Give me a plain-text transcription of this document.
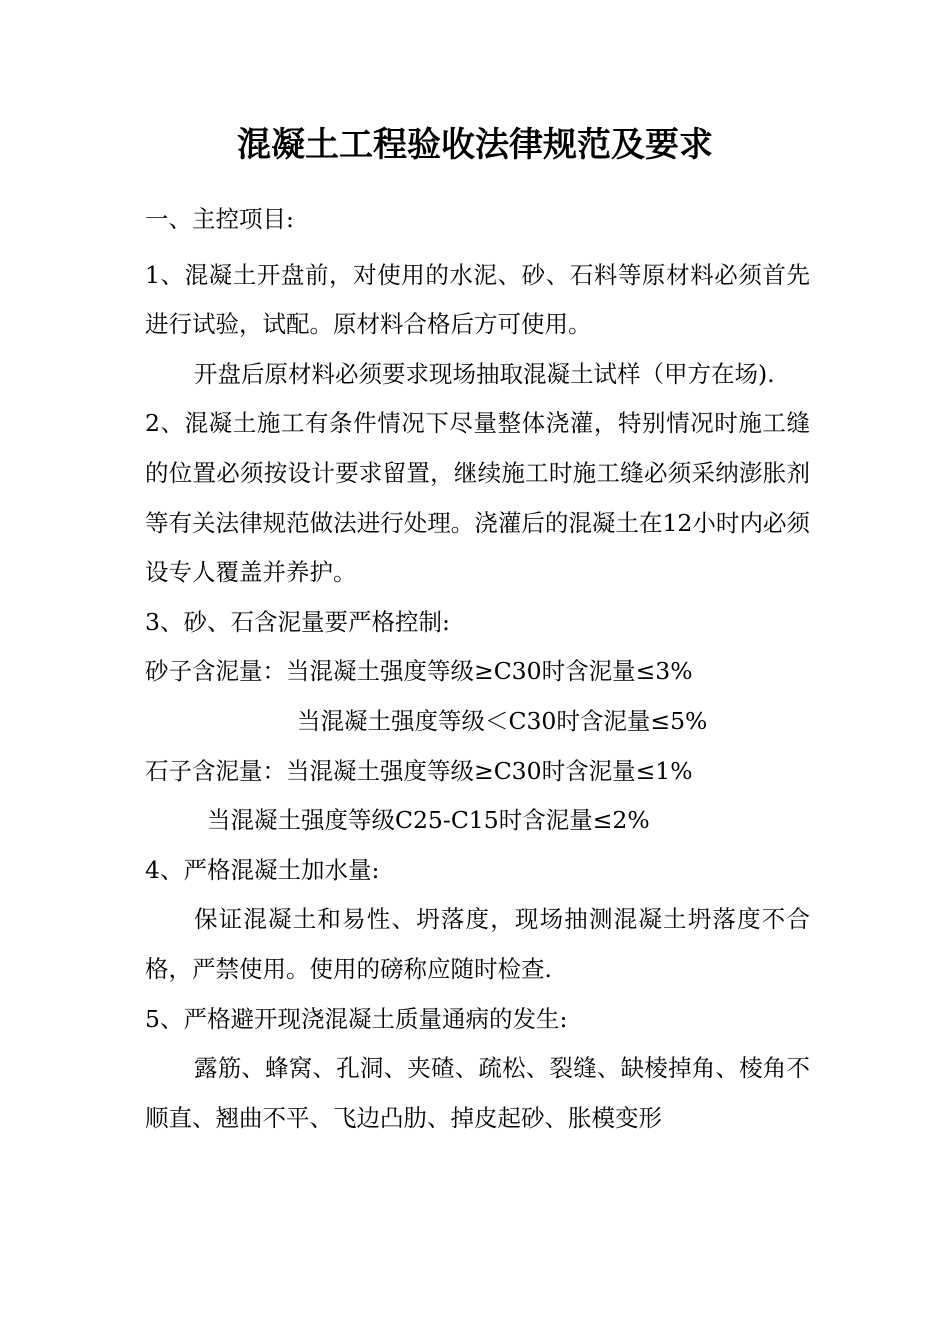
混凝土工程验收法律规范及要求

一、主控项目:

1、混凝土开盘前，对使用的水泥、砂、石料等原材料必须首先进行试验，试配。原材料合格后方可使用。

开盘后原材料必须要求现场抽取混凝土试样（甲方在场).

2、混凝土施工有条件情况下尽量整体浇灌，特别情况时施工缝的位置必须按设计要求留置，继续施工时施工缝必须采纳澎胀剂等有关法律规范做法进行处理。浇灌后的混凝土在12小时内必须设专人覆盖并养护。

3、砂、石含泥量要严格控制:

砂子含泥量：当混凝土强度等级≥C30时含泥量≤3%

当混凝土强度等级＜C30时含泥量≤5%

石子含泥量：当混凝土强度等级≥C30时含泥量≤1%

当混凝土强度等级C25-C15时含泥量≤2%

4、严格混凝土加水量:

保证混凝土和易性、坍落度，现场抽测混凝土坍落度不合格，严禁使用。使用的磅称应随时检查.

5、严格避开现浇混凝土质量通病的发生:

露筋、蜂窝、孔洞、夹碴、疏松、裂缝、缺棱掉角、棱角不顺直、翘曲不平、飞边凸肋、掉皮起砂、胀模变形
